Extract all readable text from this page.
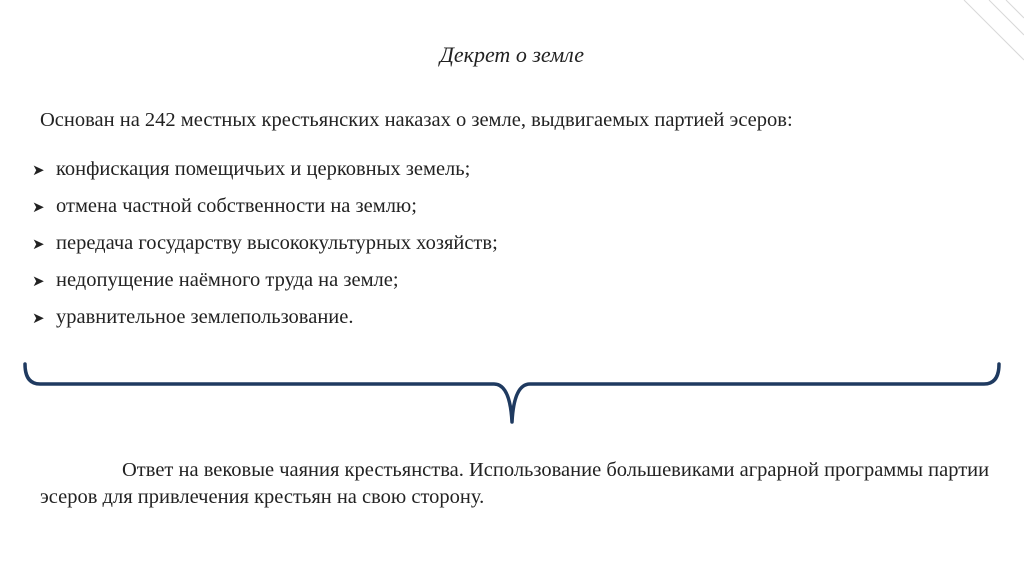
Декрет о земле
Основан на 242 местных крестьянских наказах о земле, выдвигаемых партией эсеров:
➤ конфискация помещичьих и церковных земель;
➤ отмена частной собственности на землю;
➤ передача государству высококультурных хозяйств;
➤ недопущение наёмного труда на земле;
➤ уравнительное землепользование.
Ответ на вековые чаяния крестьянства. Использование большевиками аграрной программы партии эсеров для привлечения крестьян на свою сторону.
